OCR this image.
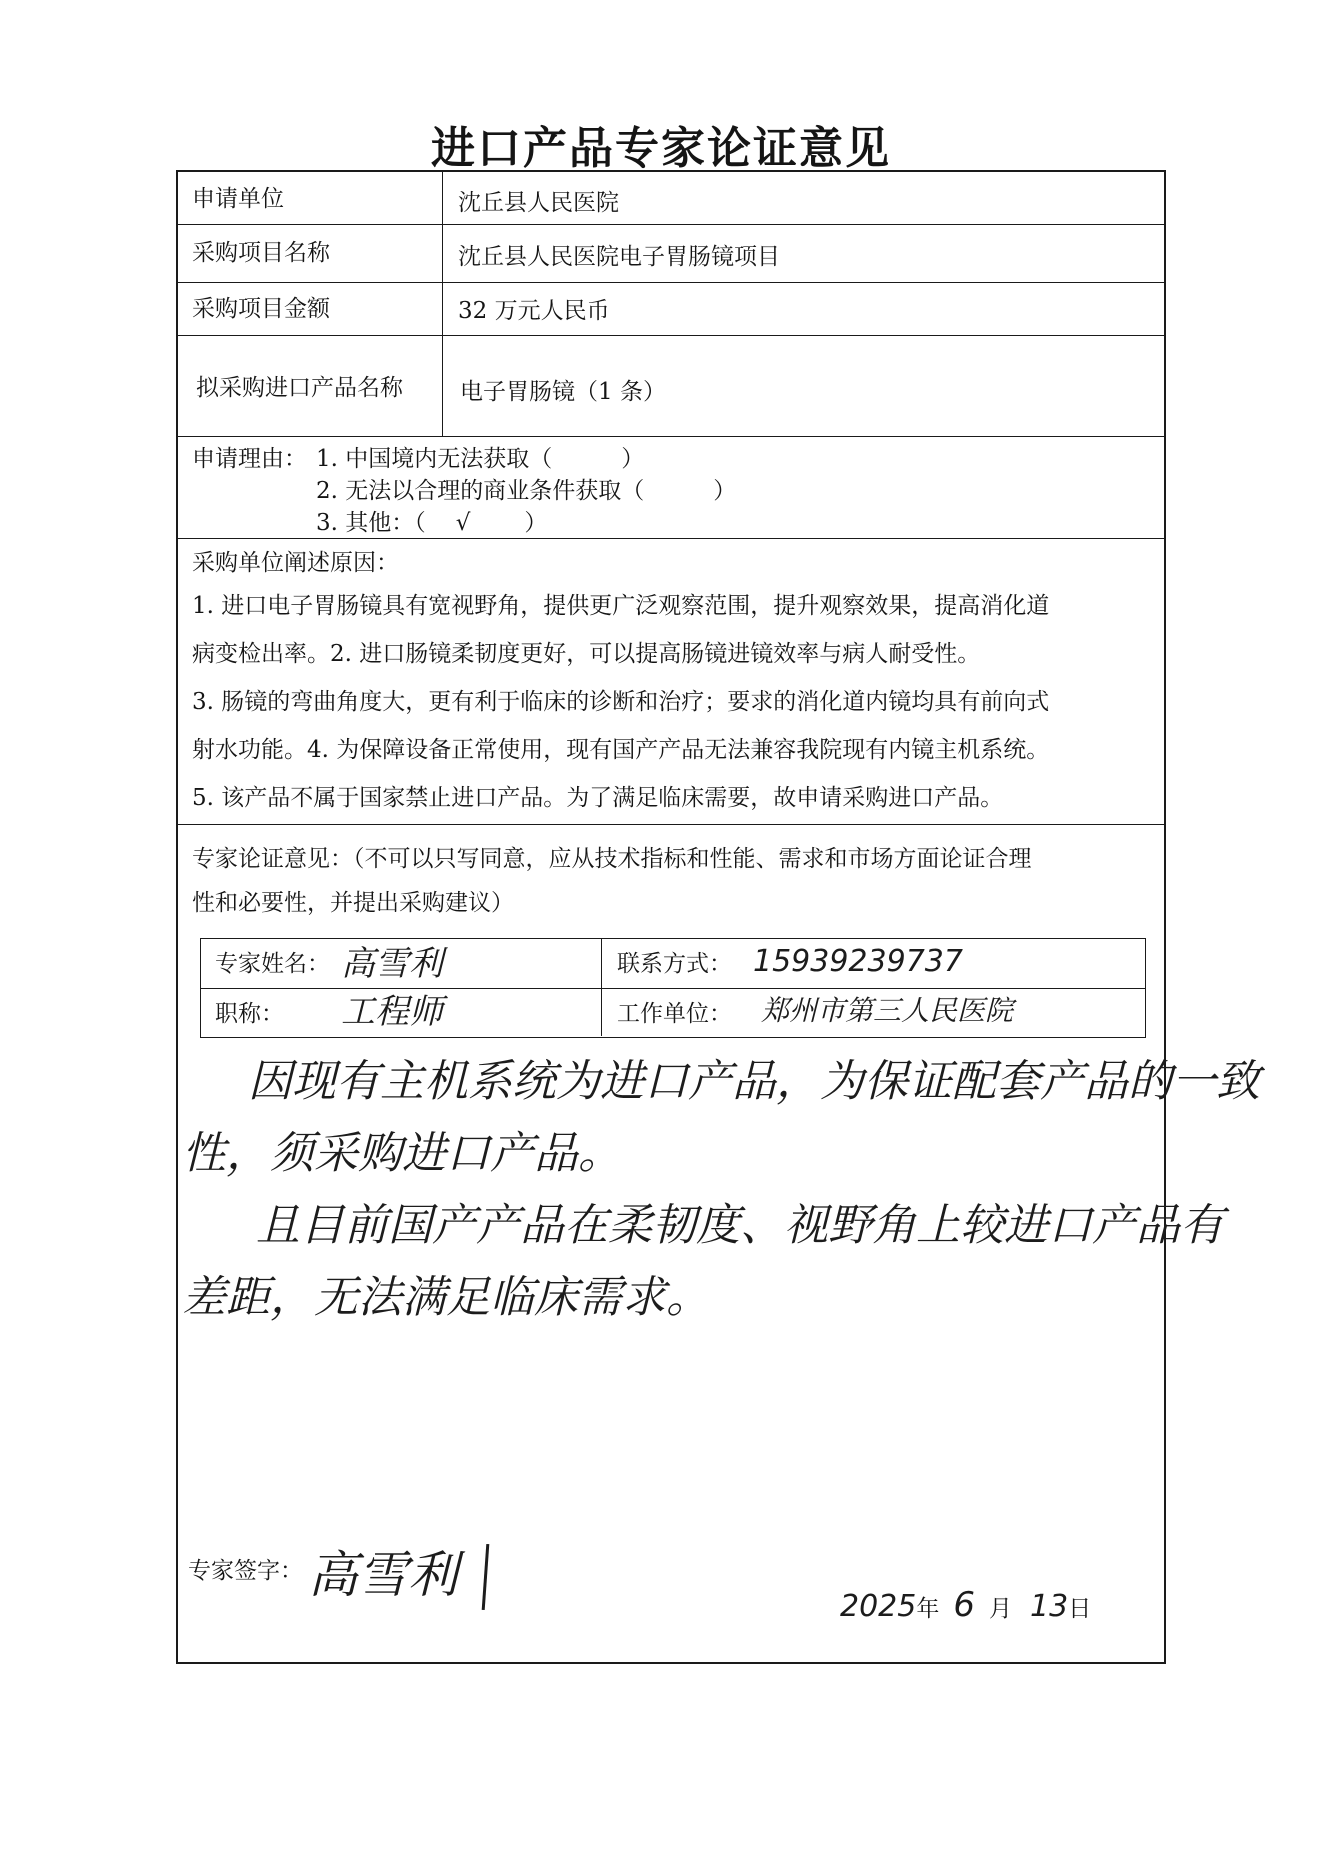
进口产品专家论证意见
申请单位	沈丘县人民医院
采购项目名称	沈丘县人民医院电子胃肠镜项目
采购项目金额	32 万元人民币
拟采购进口产品名称 电子胃肠镜（1 条）
申请理由： 1. 中国境内无法获取（　　　）
2. 无法以合理的商业条件获取（　　　）
3. 其他：（ √ ）
采购单位阐述原因：
1. 进口电子胃肠镜具有宽视野角，提供更广泛观察范围，提升观察效果，提高消化道
病变检出率。2. 进口肠镜柔韧度更好，可以提高肠镜进镜效率与病人耐受性。
3. 肠镜的弯曲角度大，更有利于临床的诊断和治疗；要求的消化道内镜均具有前向式
射水功能。4. 为保障设备正常使用，现有国产产品无法兼容我院现有内镜主机系统。
5. 该产品不属于国家禁止进口产品。为了满足临床需要，故申请采购进口产品。
专家论证意见：（不可以只写同意，应从技术指标和性能、需求和市场方面论证合理
性和必要性，并提出采购建议）
专家姓名： 高雪利	联系方式： 15939239737
职称： 工程师	工作单位： 郑州市第三人民医院
因现有主机系统为进口产品，为保证配套产品的一致
性，须采购进口产品。
且目前国产产品在柔韧度、视野角上较进口产品有
差距，无法满足临床需求。
专家签字： 高雪利
2025年 6 月 13日
